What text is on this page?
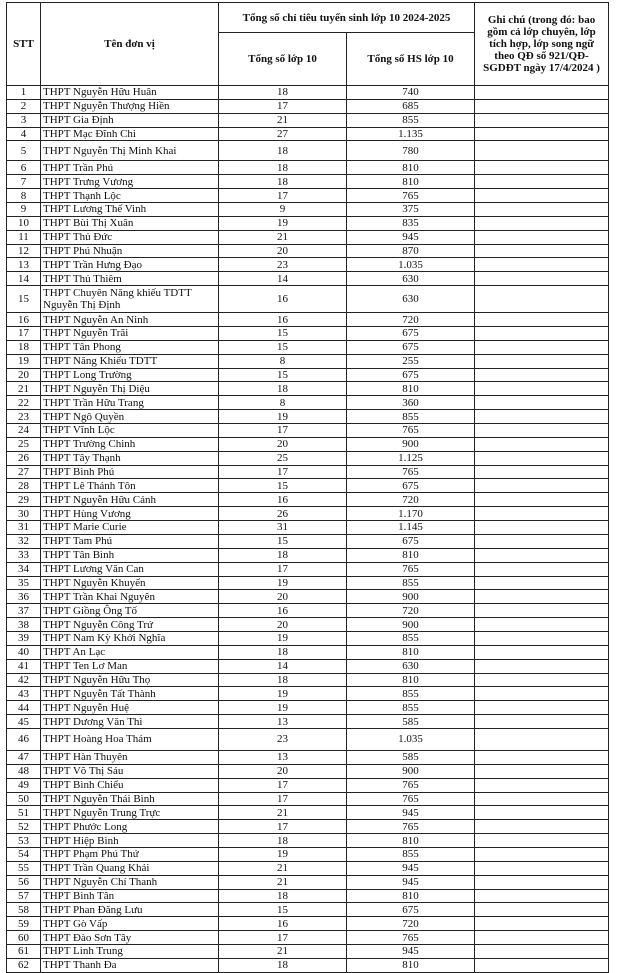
STT	Tên đơn vị	Tổng số chỉ tiêu tuyển sinh lớp 10 2024-2025		Ghi chú (trong đó: bao gồm cả lớp chuyên, lớp tích hợp, lớp song ngữ theo QĐ số 921/QĐ-SGDĐT ngày 17/4/2024 )
		Tổng số lớp 10	Tổng số HS lớp 10	
1	THPT Nguyễn Hữu Huân	18	740	
2	THPT Nguyễn Thượng Hiền	17	685	
3	THPT Gia Định	21	855	
4	THPT Mạc Đĩnh Chi	27	1.135	
5	THPT Nguyễn Thị Minh Khai	18	780	
6	THPT Trần Phú	18	810	
7	THPT Trưng Vương	18	810	
8	THPT Thạnh Lộc	17	765	
9	THPT Lương Thế Vinh	9	375	
10	THPT Bùi Thị Xuân	19	835	
11	THPT Thủ Đức	21	945	
12	THPT Phú Nhuận	20	870	
13	THPT Trần Hưng Đạo	23	1.035	
14	THPT Thủ Thiêm	14	630	
15	THPT Chuyên Năng khiếu TDTT Nguyễn Thị Định	16	630	
16	THPT Nguyễn An Ninh	16	720	
17	THPT Nguyễn Trãi	15	675	
18	THPT Tân Phong	15	675	
19	THPT Năng Khiếu TDTT	8	255	
20	THPT Long Trường	15	675	
21	THPT Nguyễn Thị Diệu	18	810	
22	THPT Trần Hữu Trang	8	360	
23	THPT Ngô Quyền	19	855	
24	THPT Vĩnh Lộc	17	765	
25	THPT Trường Chinh	20	900	
26	THPT Tây Thạnh	25	1.125	
27	THPT Bình Phú	17	765	
28	THPT Lê Thánh Tôn	15	675	
29	THPT Nguyễn Hữu Cảnh	16	720	
30	THPT Hùng Vương	26	1.170	
31	THPT Marie Curie	31	1.145	
32	THPT Tam Phú	15	675	
33	THPT Tân Bình	18	810	
34	THPT Lương Văn Can	17	765	
35	THPT Nguyễn Khuyến	19	855	
36	THPT Trần Khai Nguyên	20	900	
37	THPT Giồng Ông Tố	16	720	
38	THPT Nguyễn Công Trứ	20	900	
39	THPT Nam Kỳ Khởi Nghĩa	19	855	
40	THPT An Lạc	18	810	
41	THPT Ten Lơ Man	14	630	
42	THPT Nguyễn Hữu Thọ	18	810	
43	THPT Nguyễn Tất Thành	19	855	
44	THPT Nguyễn Huệ	19	855	
45	THPT Dương Văn Thì	13	585	
46	THPT Hoàng Hoa Thám	23	1.035	
47	THPT Hàn Thuyên	13	585	
48	THPT Võ Thị Sáu	20	900	
49	THPT Bình Chiểu	17	765	
50	THPT Nguyễn Thái Bình	17	765	
51	THPT Nguyễn Trung Trực	21	945	
52	THPT Phước Long	17	765	
53	THPT Hiệp Bình	18	810	
54	THPT Phạm Phú Thứ	19	855	
55	THPT Trần Quang Khải	21	945	
56	THPT Nguyễn Chí Thanh	21	945	
57	THPT Bình Tân	18	810	
58	THPT Phan Đăng Lưu	15	675	
59	THPT Gò Vấp	16	720	
60	THPT Đào Sơn Tây	17	765	
61	THPT Linh Trung	21	945	
62	THPT Thanh Đa	18	810	
